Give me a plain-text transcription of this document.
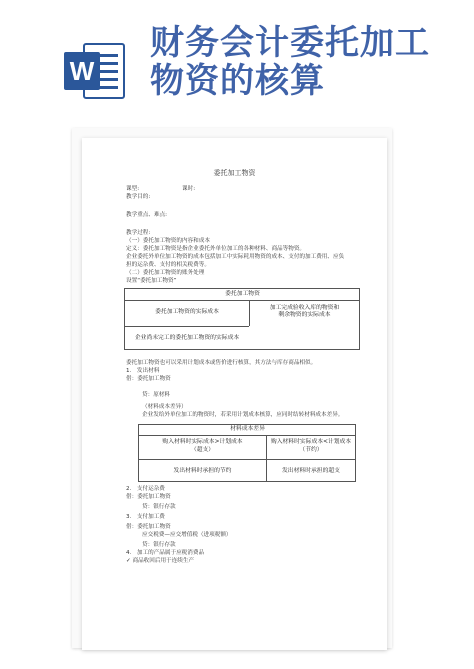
W
财务会计委托加工
物资的核算
委托加工物资
课型:	课时:
教学目的:
教学重点、难点:
教学过程:
（一）委托加工物资的内容和成本
定义：委托加工物资是指企业委托外单位加工的各种材料、商品等物资。
企业委托外单位加工物资的成本包括加工中实际耗用物资的成本、支付的加工费用、应负
担的运杂费、支付的相关税费等。
（二）委托加工物资的账务处理
设置“委托加工物资”
委托加工物资
委托加工物资的实际成本
加工完成验收入库的物资和
剩余物资的实际成本
企业尚未完工的委托加工物资的实际成本
委托加工物资也可以采用计划成本或售价进行核算，其方法与库存商品相似。
1.　发出材料
借：委托加工物资
贷：原材料
（材料成本差异）
企业发给外单位加工的物资时，若采用计划成本核算，应同时结转材料成本差异。
材料成本差异
购入材料时实际成本>计划成本
（超支）
购入材料时实际成本<计划成本
（节约）
发出材料时承担的节约	发出材料时承担的超支
2.　支付运杂费
借：委托加工物资
贷：银行存款
3.　支付加工费
借：委托加工物资
应交税费—应交增值税（进项税额）
贷：银行存款
4.　加工的产品属于应税消费品
✓ 商品收回后用于连续生产
